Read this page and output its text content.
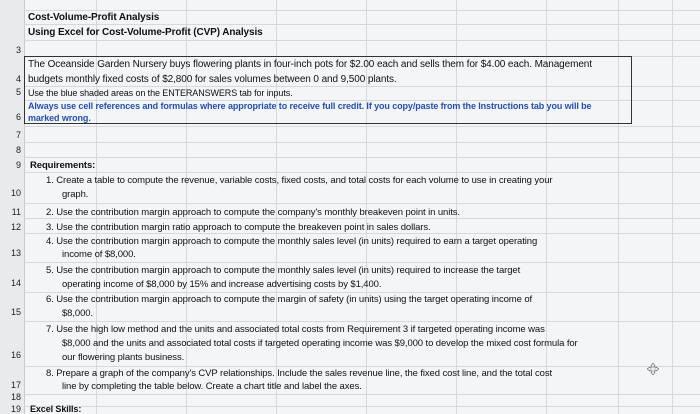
3
4
5
6
7
8
9
10
11
12
13
14
15
16
17
18
19
Cost-Volume-Profit Analysis
Using Excel for Cost-Volume-Profit (CVP) Analysis
The Oceanside Garden Nursery buys flowering plants in four-inch pots for $2.00 each and sells them for $4.00 each. Management
budgets monthly fixed costs of $2,800 for sales volumes between 0 and 9,500 plants.
Use the blue shaded areas on the ENTERANSWERS tab for inputs.
Always use cell references and formulas where appropriate to receive full credit. If you copy/paste from the Instructions tab you will be
marked wrong.
Requirements:
1. Create a table to compute the revenue, variable costs, fixed costs, and total costs for each volume to use in creating your
graph.
2. Use the contribution margin approach to compute the company's monthly breakeven point in units.
3. Use the contribution margin ratio approach to compute the breakeven point in sales dollars.
4. Use the contribution margin approach to compute the monthly sales level (in units) required to earn a target operating
income of $8,000.
5. Use the contribution margin approach to compute the monthly sales level (in units) required to increase the target
operating income of $8,000 by 15% and increase advertising costs by $1,400.
6. Use the contribution margin approach to compute the margin of safety (in units) using the target operating income of
$8,000.
7. Use the high low method and the units and associated total costs from Requirement 3 if targeted operating income was
$8,000 and the units and associated total costs if targeted operating income was $9,000 to develop the mixed cost formula for
our flowering plants business.
8. Prepare a graph of the company's CVP relationships. Include the sales revenue line, the fixed cost line, and the total cost
line by completing the table below. Create a chart title and label the axes.
Excel Skills:
